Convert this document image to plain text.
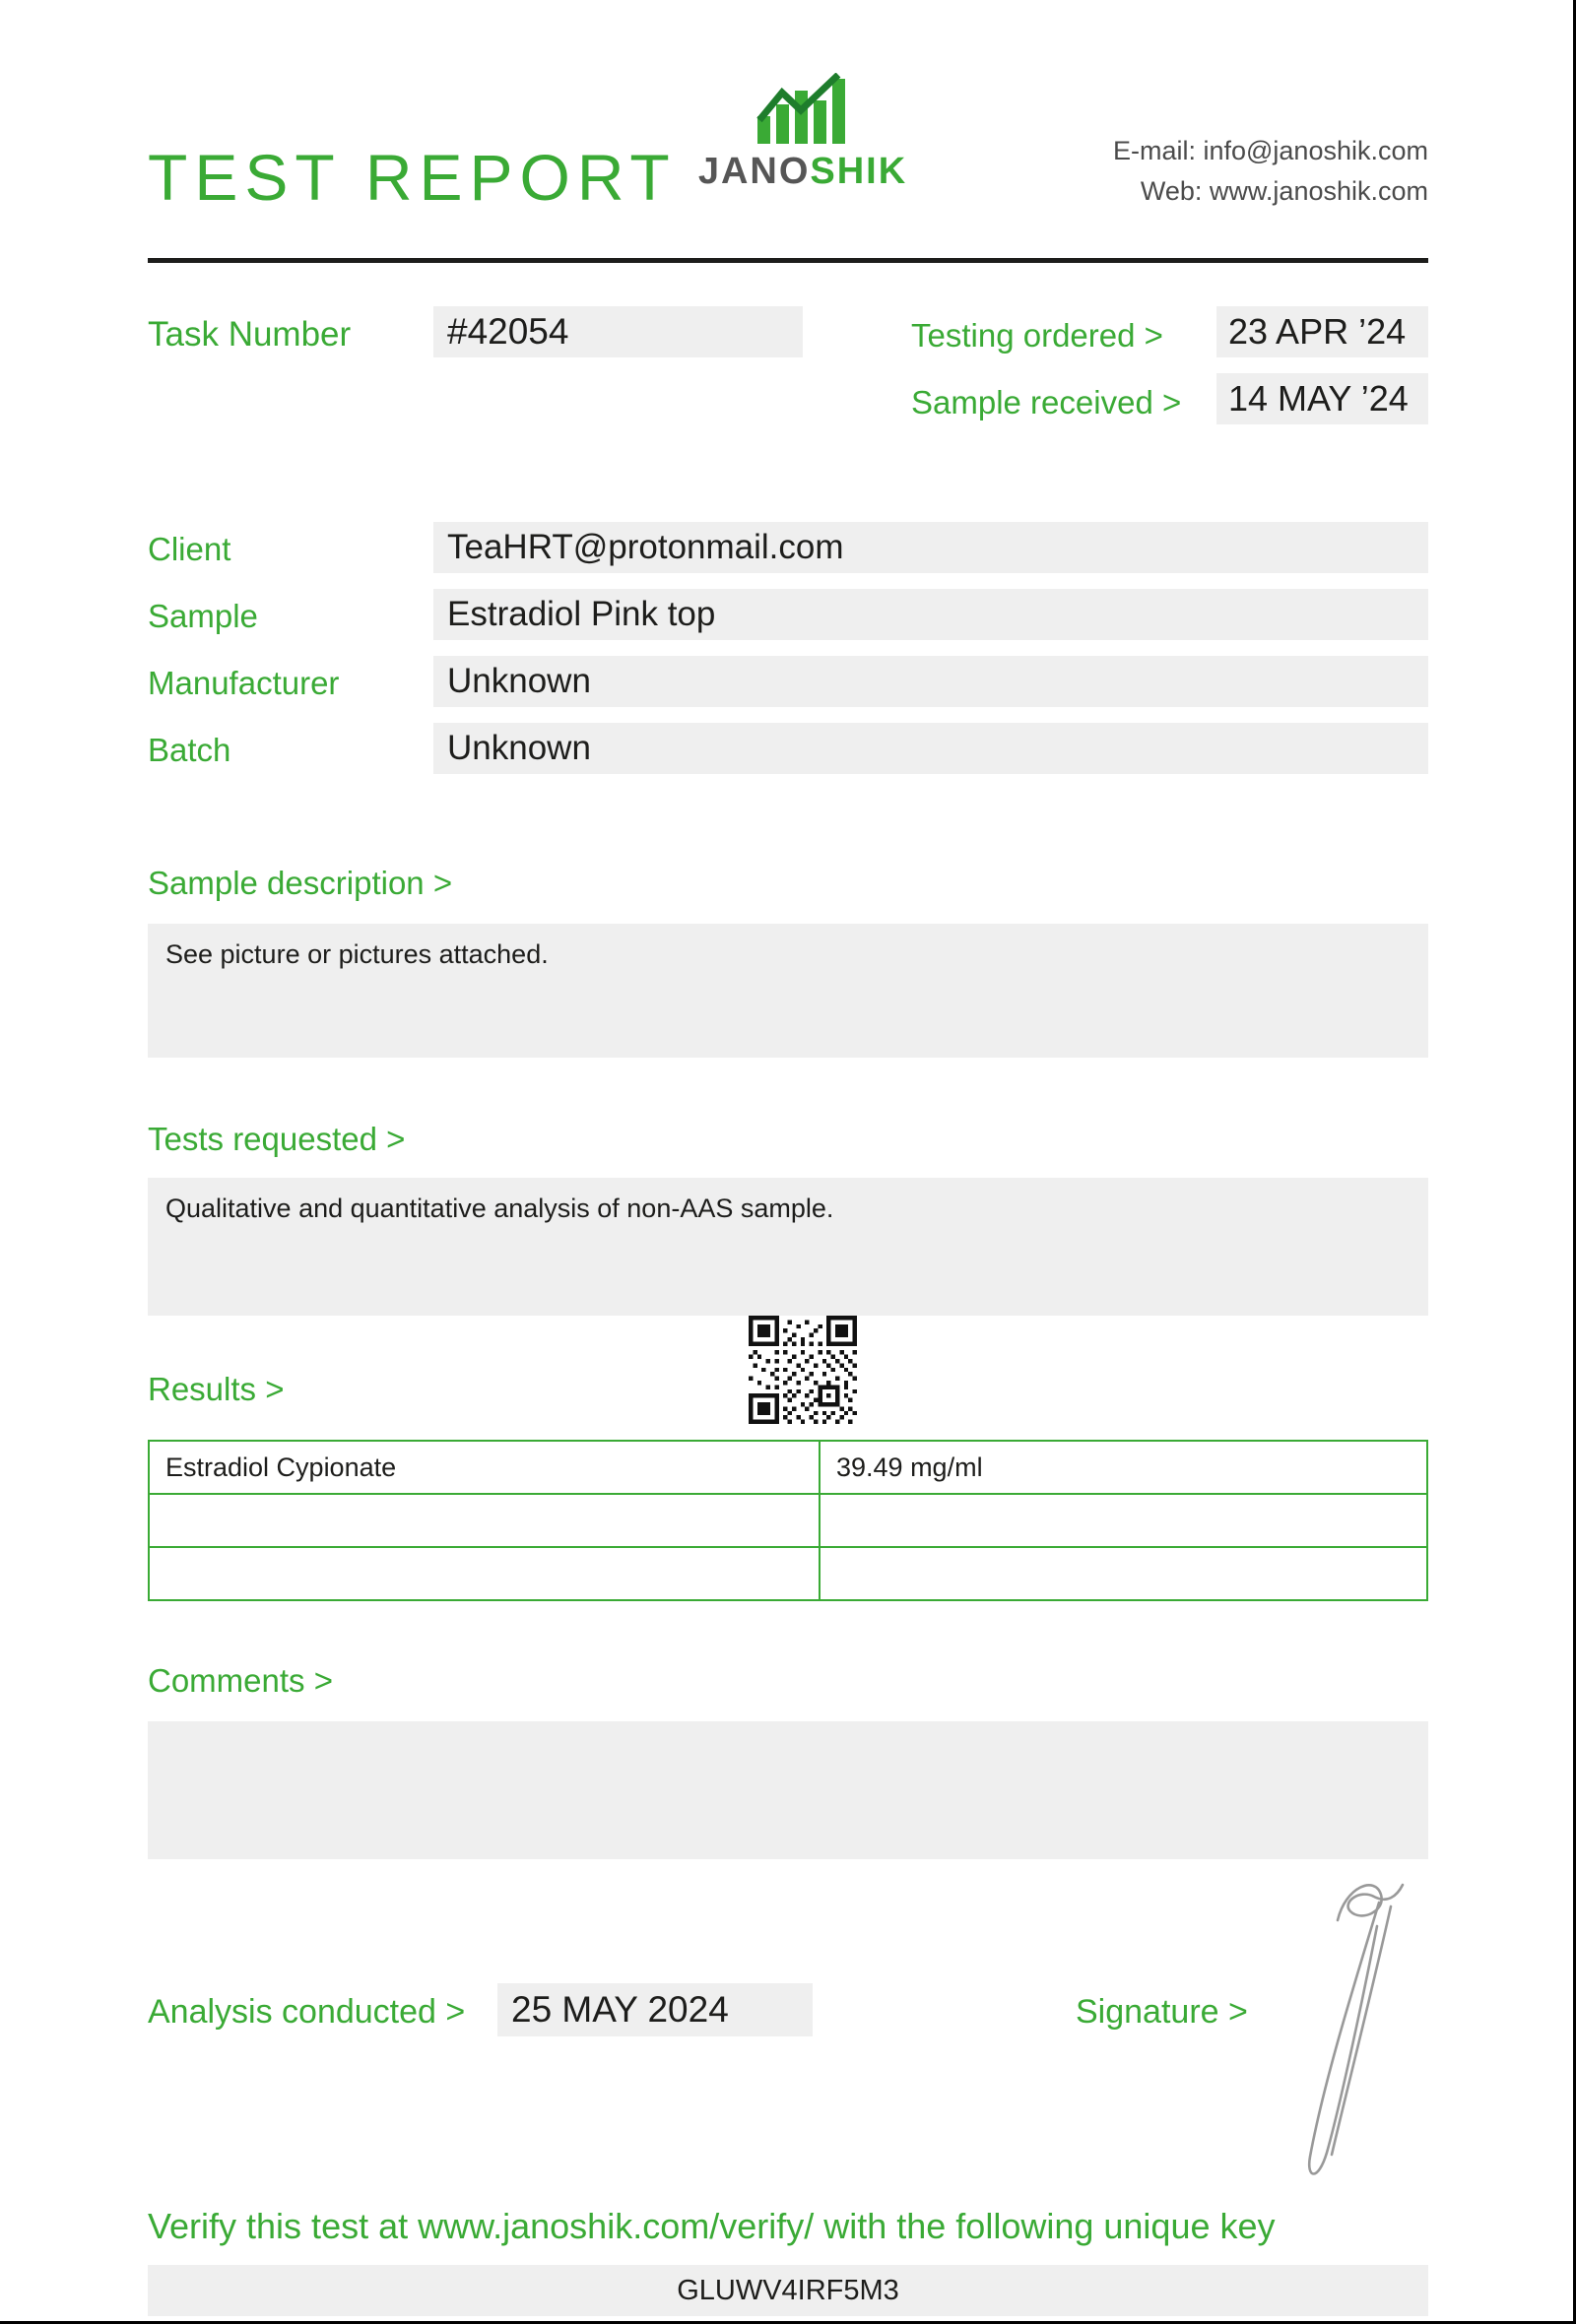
TEST REPORT JANOSHIK	E-mail: info@janoshik.com
Web: www.janoshik.com
Task Number	#42054	Testing ordered >	23 APR ’24
Sample received >	14 MAY ’24
Client	TeaHRT@protonmail.com
Sample	Estradiol Pink top
Manufacturer	Unknown
Batch	Unknown
Sample description >
See picture or pictures attached.
Tests requested >
Qualitative and quantitative analysis of non-AAS sample.
Results >
Estradiol Cypionate	39.49 mg/ml

Comments >
Analysis conducted >	25 MAY 2024	Signature >
Verify this test at www.janoshik.com/verify/ with the following unique key
GLUWV4IRF5M3
